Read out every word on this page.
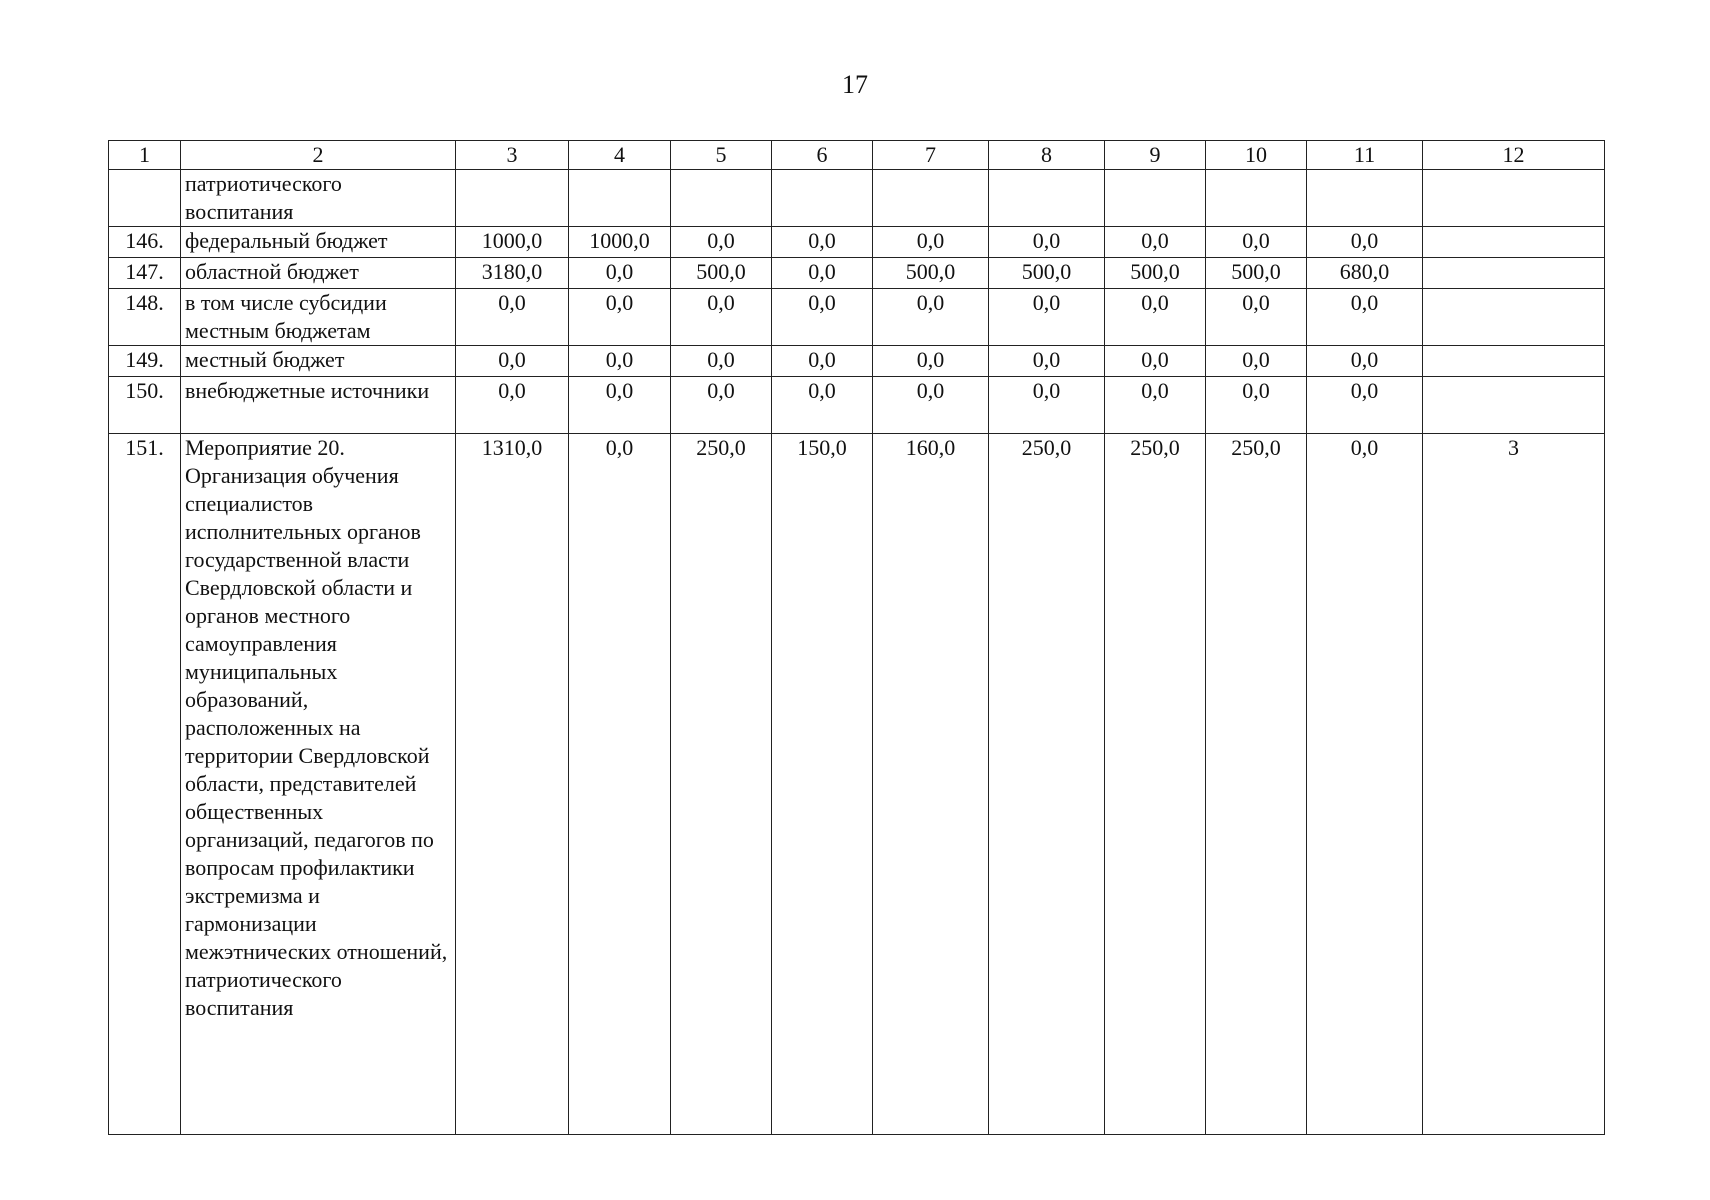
17
1	2	3	4	5	6	7	8	9	10	11	12
	патриотического воспитания										
146.	федеральный бюджет	1000,0	1000,0	0,0	0,0	0,0	0,0	0,0	0,0	0,0	
147.	областной бюджет	3180,0	0,0	500,0	0,0	500,0	500,0	500,0	500,0	680,0	
148.	в том числе субсидии местным бюджетам	0,0	0,0	0,0	0,0	0,0	0,0	0,0	0,0	0,0	
149.	местный бюджет	0,0	0,0	0,0	0,0	0,0	0,0	0,0	0,0	0,0	
150.	внебюджетные источники	0,0	0,0	0,0	0,0	0,0	0,0	0,0	0,0	0,0	
151.	Мероприятие 20. Организация обучения специалистов исполнительных органов государственной власти Свердловской области и органов местного самоуправления муниципальных образований, расположенных на территории Свердловской области, представителей общественных организаций, педагогов по вопросам профилактики экстремизма и гармонизации межэтнических отношений, патриотического воспитания	1310,0	0,0	250,0	150,0	160,0	250,0	250,0	250,0	0,0	3
